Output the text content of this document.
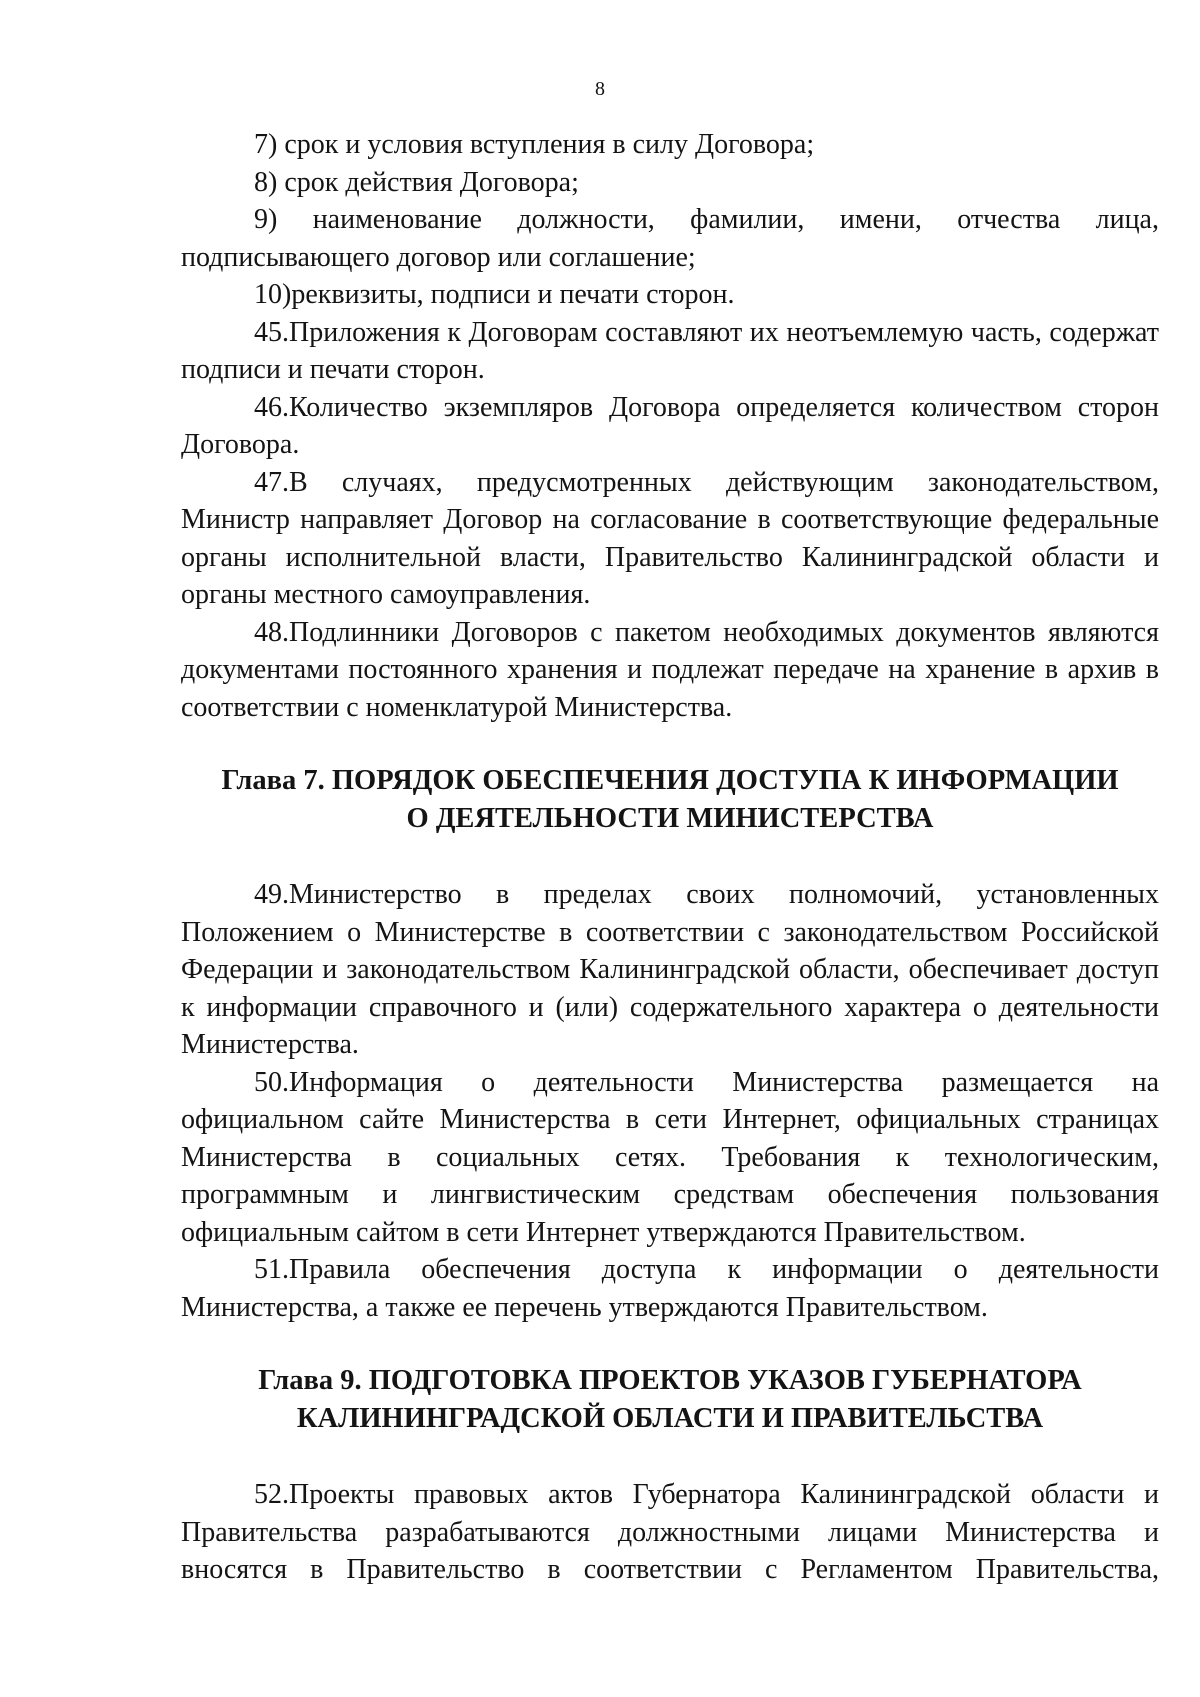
8

7) срок и условия вступления в силу Договора;

8) срок действия Договора;

9) наименование должности, фамилии, имени, отчества лица, подписывающего договор или соглашение;

10)реквизиты, подписи и печати сторон.

45.Приложения к Договорам составляют их неотъемлемую часть, содержат подписи и печати сторон.

46.Количество экземпляров Договора определяется количеством сторон Договора.

47.В случаях, предусмотренных действующим законодательством, Министр направляет Договор на согласование в соответствующие федеральные органы исполнительной власти, Правительство Калининградской области и органы местного самоуправления.

48.Подлинники Договоров с пакетом необходимых документов являются документами постоянного хранения и подлежат передаче на хранение в архив в соответствии с номенклатурой Министерства.

Глава 7. ПОРЯДОК ОБЕСПЕЧЕНИЯ ДОСТУПА К ИНФОРМАЦИИ
О ДЕЯТЕЛЬНОСТИ МИНИСТЕРСТВА

49.Министерство в пределах своих полномочий, установленных Положением о Министерстве в соответствии с законодательством Российской Федерации и законодательством Калининградской области, обеспечивает доступ к информации справочного и (или) содержательного характера о деятельности Министерства.

50.Информация о деятельности Министерства размещается на официальном сайте Министерства в сети Интернет, официальных страницах Министерства в социальных сетях. Требования к технологическим, программным и лингвистическим средствам обеспечения пользования официальным сайтом в сети Интернет утверждаются Правительством.

51.Правила обеспечения доступа к информации о деятельности Министерства, а также ее перечень утверждаются Правительством.

Глава 9. ПОДГОТОВКА ПРОЕКТОВ УКАЗОВ ГУБЕРНАТОРА
КАЛИНИНГРАДСКОЙ ОБЛАСТИ И ПРАВИТЕЛЬСТВА

52.Проекты правовых актов Губернатора Калининградской области и Правительства разрабатываются должностными лицами Министерства и вносятся в Правительство в соответствии с Регламентом Правительства,
